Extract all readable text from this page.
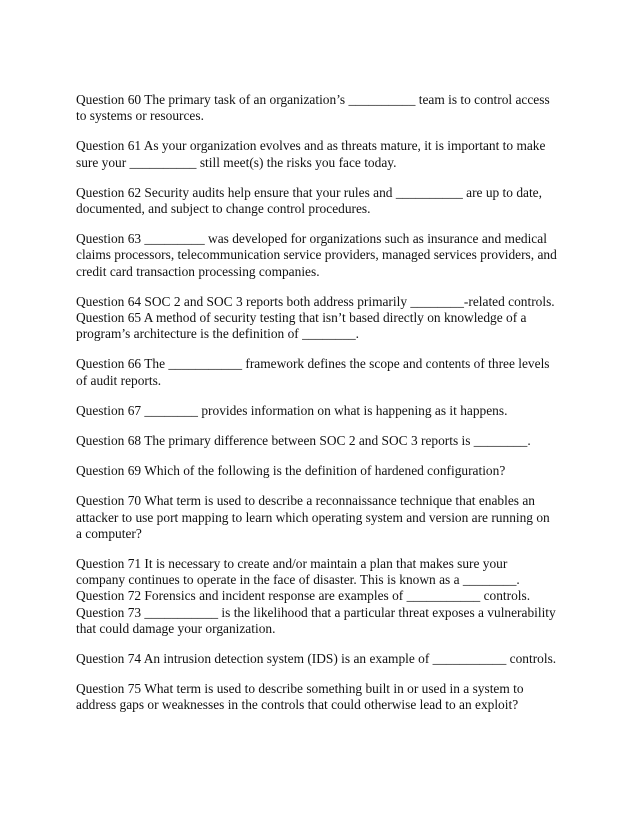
Question 60 The primary task of an organization’s __________ team is to control access
to systems or resources.

Question 61 As your organization evolves and as threats mature, it is important to make
sure your __________ still meet(s) the risks you face today.

Question 62 Security audits help ensure that your rules and __________ are up to date,
documented, and subject to change control procedures.

Question 63 _________ was developed for organizations such as insurance and medical
claims processors, telecommunication service providers, managed services providers, and
credit card transaction processing companies.

Question 64 SOC 2 and SOC 3 reports both address primarily ________-related controls.
Question 65 A method of security testing that isn’t based directly on knowledge of a
program’s architecture is the definition of ________.

Question 66 The ___________ framework defines the scope and contents of three levels
of audit reports.

Question 67 ________ provides information on what is happening as it happens.

Question 68 The primary difference between SOC 2 and SOC 3 reports is ________.

Question 69 Which of the following is the definition of hardened configuration?

Question 70 What term is used to describe a reconnaissance technique that enables an
attacker to use port mapping to learn which operating system and version are running on
a computer?

Question 71 It is necessary to create and/or maintain a plan that makes sure your
company continues to operate in the face of disaster. This is known as a ________.
Question 72 Forensics and incident response are examples of ___________ controls.
Question 73 ___________ is the likelihood that a particular threat exposes a vulnerability
that could damage your organization.

Question 74 An intrusion detection system (IDS) is an example of ___________ controls.

Question 75 What term is used to describe something built in or used in a system to
address gaps or weaknesses in the controls that could otherwise lead to an exploit?
